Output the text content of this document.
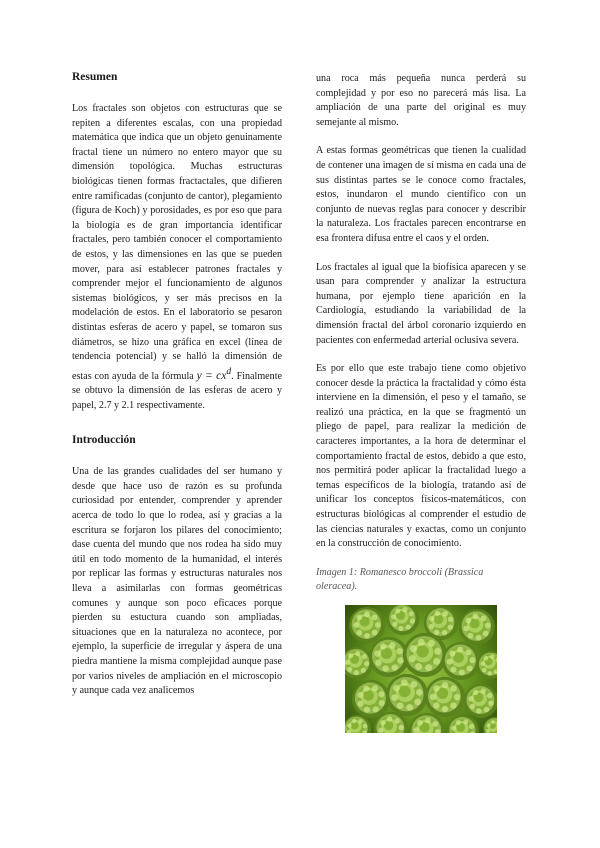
Resumen

Los fractales son objetos con estructuras que se repiten a diferentes escalas, con una propiedad matemática que indica que un objeto genuinamente fractal tiene un número no entero mayor que su dimensión topológica. Muchas estructuras biológicas tienen formas fractactales, que difieren entre ramificadas (conjunto de cantor), plegamiento (figura de Koch) y porosidades, es por eso que para la biología es de gran importancia identificar fractales, pero también conocer el comportamiento de estos, y las dimensiones en las que se pueden mover, para así establecer patrones fractales y comprender mejor el funcionamiento de algunos sistemas biológicos, y ser más precisos en la modelación de estos. En el laboratorio se pesaron distintas esferas de acero y papel, se tomaron sus diámetros, se hizo una gráfica en excel (línea de tendencia potencial) y se halló la dimensión de estas con ayuda de la fórmula $y = cx^d$. Finalmente se obtuvo la dimensión de las esferas de acero y papel, 2.7 y 2.1 respectivamente.

Introducción

Una de las grandes cualidades del ser humano y desde que hace uso de razón es su profunda curiosidad por entender, comprender y aprender acerca de todo lo que lo rodea, así y gracias a la escritura se forjaron los pilares del conocimiento; dase cuenta del mundo que nos rodea ha sido muy útil en todo momento de la humanidad, el interés por replicar las formas y estructuras naturales nos lleva a asimilarlas con formas geométricas comunes y aunque son poco eficaces porque pierden su estuctura cuando son ampliadas, situaciones que en la naturaleza no acontece, por ejemplo, la superficie de irregular y áspera de una piedra mantiene la misma complejidad aunque pase por varios niveles de ampliación en el microscopio y aunque cada vez analicemos

una roca más pequeña nunca perderá su complejidad y por eso no parecerá más lisa. La ampliación de una parte del original es muy semejante al mismo.

A estas formas geométricas que tienen la cualidad de contener una imagen de sí misma en cada una de sus distintas partes se le conoce como fractales, estos, inundaron el mundo científico con un conjunto de nuevas reglas para conocer y describir la naturaleza. Los fractales parecen encontrarse en esa frontera difusa entre el caos y el orden.

Los fractales al igual que la biofísica aparecen y se usan para comprender y analizar la estructura humana, por ejemplo tiene aparición en la Cardiología, estudiando la variabilidad de la dimensión fractal del árbol coronario izquierdo en pacientes con enfermedad arterial oclusiva severa.

Es por ello que este trabajo tiene como objetivo conocer desde la práctica la fractalidad y cómo ésta interviene en la dimensión, el peso y el tamaño, se realizó una práctica, en la que se fragmentó un pliego de papel, para realizar la medición de caracteres importantes, a la hora de determinar el comportamiento fractal de estos, debido a que esto, nos permitirá poder aplicar la fractalidad luego a temas específicos de la biología, tratando así de unificar los conceptos físicos-matemáticos, con estructuras biológicas al comprender el estudio de las ciencias naturales y exactas, como un conjunto en la construcción de conocimiento.

Imagen 1: Romanesco broccoli (Brassica oleracea).
